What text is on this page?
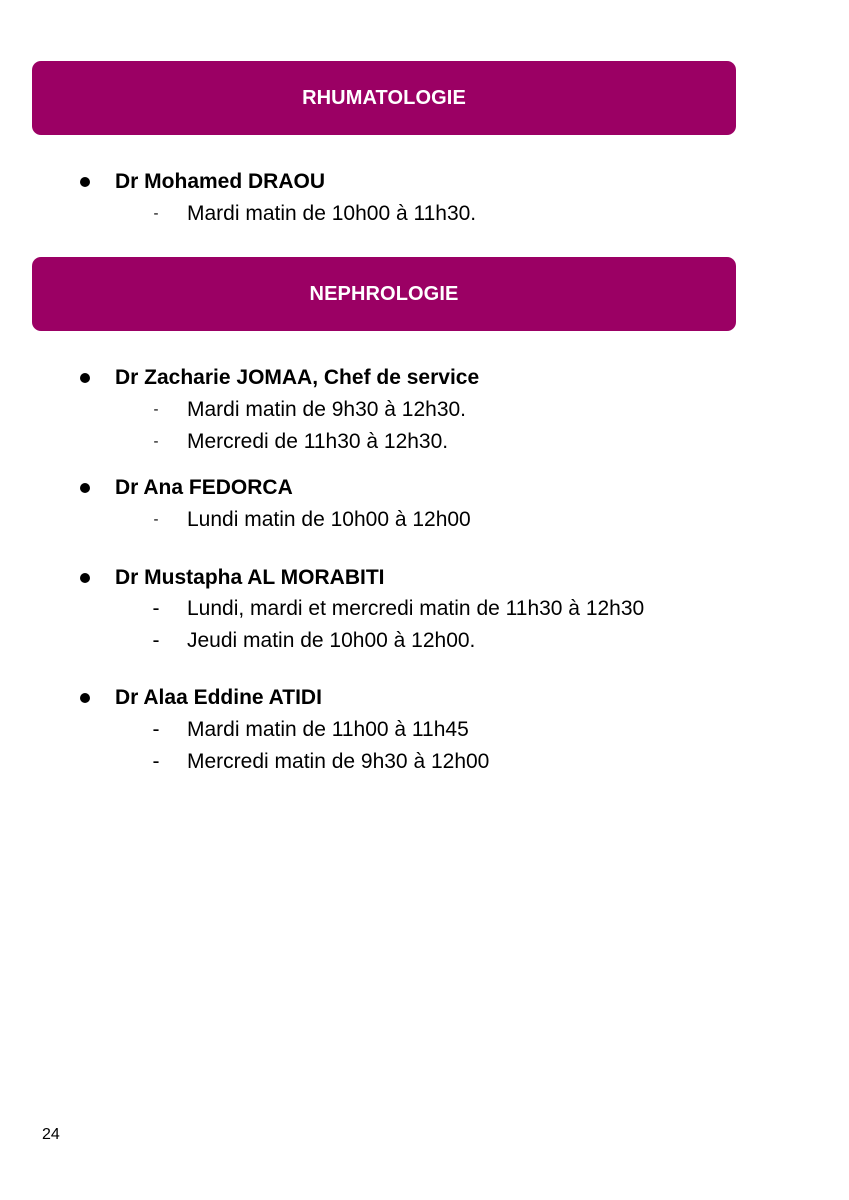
RHUMATOLOGIE
Dr Mohamed DRAOU
- Mardi matin de 10h00 à 11h30.
NEPHROLOGIE
Dr Zacharie JOMAA, Chef de service
- Mardi matin de 9h30 à 12h30.
- Mercredi de 11h30 à 12h30.
Dr Ana FEDORCA
- Lundi matin de 10h00 à 12h00
Dr Mustapha AL MORABITI
- Lundi, mardi et mercredi matin de 11h30 à 12h30
- Jeudi matin de 10h00 à 12h00.
Dr Alaa Eddine ATIDI
- Mardi matin de 11h00 à 11h45
- Mercredi matin de 9h30 à 12h00
24
